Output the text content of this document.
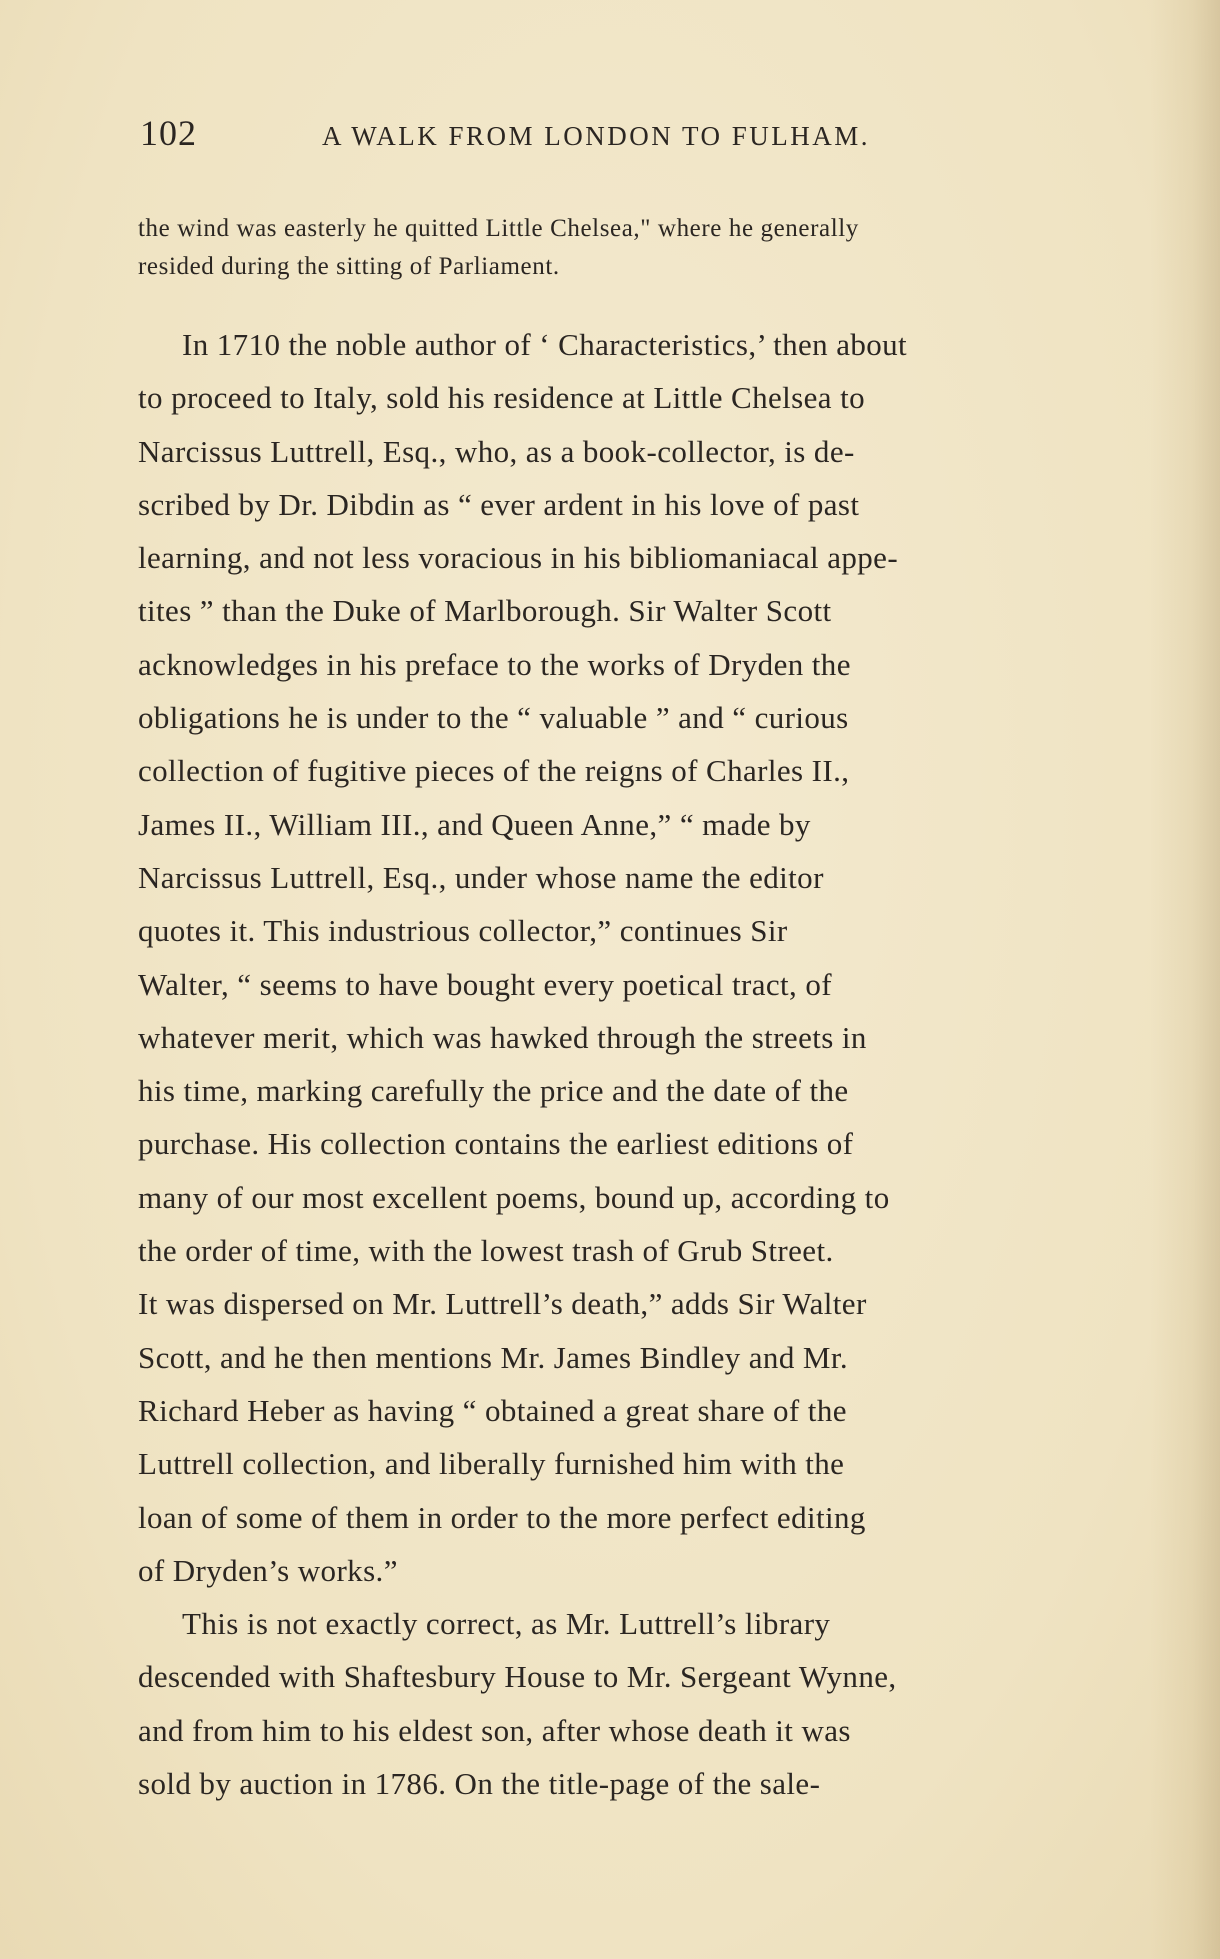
102	A WALK FROM LONDON TO FULHAM.
the wind was easterly he quitted Little Chelsea," where he generally
resided during the sitting of Parliament.
In 1710 the noble author of ‘ Characteristics,’ then about
to proceed to Italy, sold his residence at Little Chelsea to
Narcissus Luttrell, Esq., who, as a book-collector, is de-
scribed by Dr. Dibdin as “ ever ardent in his love of past
learning, and not less voracious in his bibliomaniacal appe-
tites ” than the Duke of Marlborough. Sir Walter Scott
acknowledges in his preface to the works of Dryden the
obligations he is under to the “ valuable ” and “ curious
collection of fugitive pieces of the reigns of Charles II.,
James II., William III., and Queen Anne,” “ made by
Narcissus Luttrell, Esq., under whose name the editor
quotes it. This industrious collector,” continues Sir
Walter, “ seems to have bought every poetical tract, of
whatever merit, which was hawked through the streets in
his time, marking carefully the price and the date of the
purchase. His collection contains the earliest editions of
many of our most excellent poems, bound up, according to
the order of time, with the lowest trash of Grub Street.
It was dispersed on Mr. Luttrell’s death,” adds Sir Walter
Scott, and he then mentions Mr. James Bindley and Mr.
Richard Heber as having “ obtained a great share of the
Luttrell collection, and liberally furnished him with the
loan of some of them in order to the more perfect editing
of Dryden’s works.”
This is not exactly correct, as Mr. Luttrell’s library
descended with Shaftesbury House to Mr. Sergeant Wynne,
and from him to his eldest son, after whose death it was
sold by auction in 1786. On the title-page of the sale-
